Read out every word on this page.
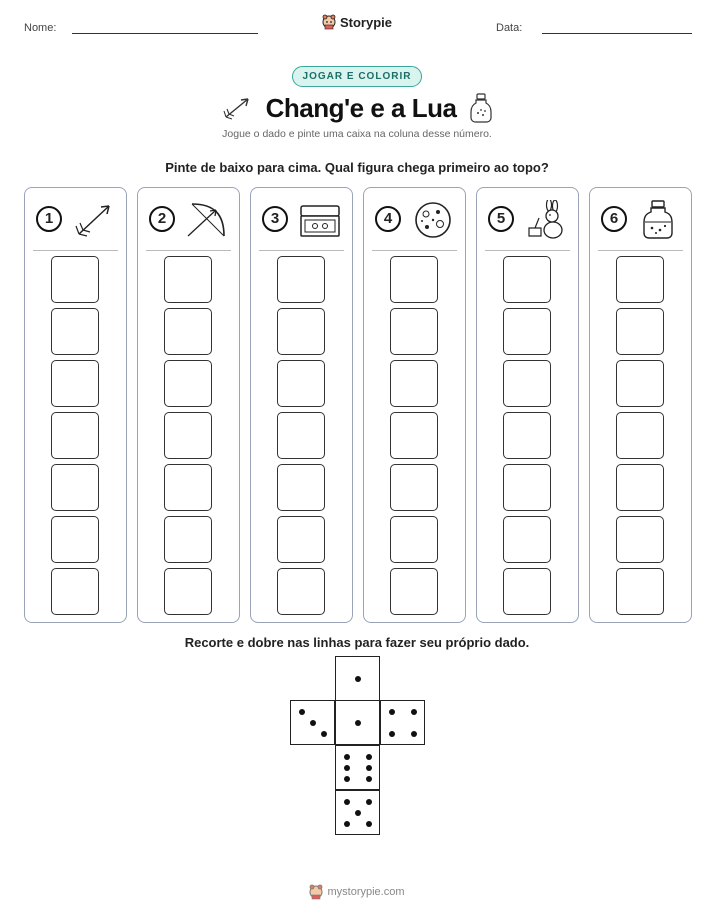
Nome:	Data:
Storypie
JOGAR E COLORIR
Chang'e e a Lua
Jogue o dado e pinte uma caixa na coluna desse número.
Pinte de baixo para cima. Qual figura chega primeiro ao topo?
1	2	3	4	5	6
Recorte e dobre nas linhas para fazer seu próprio dado.
mystorypie.com
